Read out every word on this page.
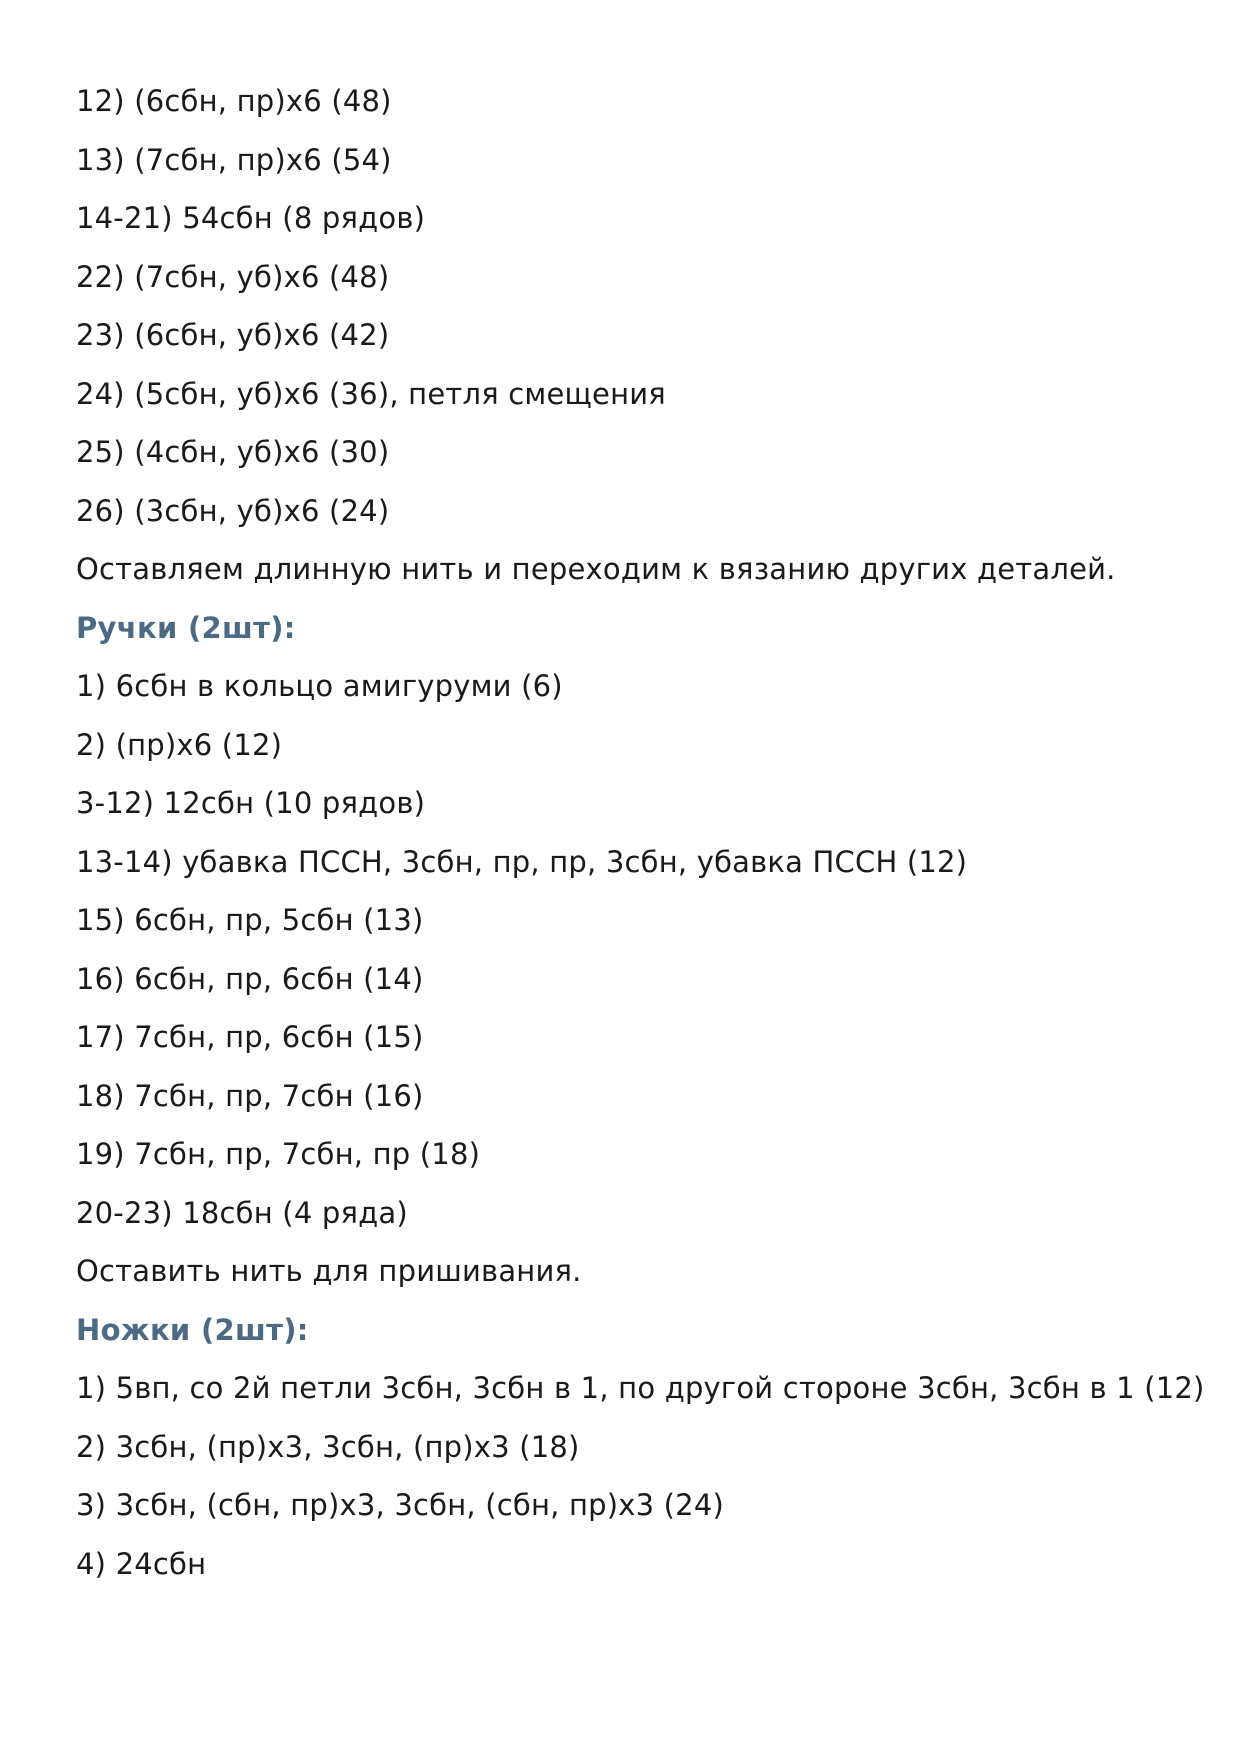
12) (6сбн, пр)х6 (48)
13) (7сбн, пр)х6 (54)
14-21) 54сбн (8 рядов)
22) (7сбн, уб)х6 (48)
23) (6сбн, уб)х6 (42)
24) (5сбн, уб)х6 (36), петля смещения
25) (4сбн, уб)х6 (30)
26) (3сбн, уб)х6 (24)
Оставляем длинную нить и переходим к вязанию других деталей.
Ручки (2шт):
1) 6сбн в кольцо амигуруми (6)
2) (пр)х6 (12)
3-12) 12сбн (10 рядов)
13-14) убавка ПССН, 3сбн, пр, пр, 3сбн, убавка ПССН (12)
15) 6сбн, пр, 5сбн (13)
16) 6сбн, пр, 6сбн (14)
17) 7сбн, пр, 6сбн (15)
18) 7сбн, пр, 7сбн (16)
19) 7сбн, пр, 7сбн, пр (18)
20-23) 18сбн (4 ряда)
Оставить нить для пришивания.
Ножки (2шт):
1) 5вп, со 2й петли 3сбн, 3сбн в 1, по другой стороне 3сбн, 3сбн в 1 (12)
2) 3сбн, (пр)х3, 3сбн, (пр)х3 (18)
3) 3сбн, (сбн, пр)х3, 3сбн, (сбн, пр)х3 (24)
4) 24сбн
